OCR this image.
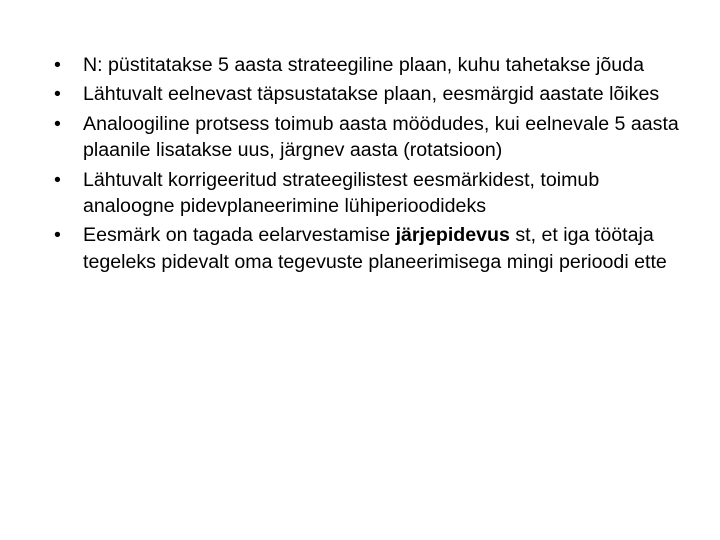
•	N: püstitatakse 5 aasta strateegiline plaan, kuhu tahetakse jõuda
•	Lähtuvalt eelnevast täpsustatakse plaan, eesmärgid aastate lõikes
•	Analoogiline protsess toimub aasta möödudes, kui eelnevale 5 aasta plaanile lisatakse uus, järgnev aasta (rotatsioon)
•	Lähtuvalt korrigeeritud strateegilistest eesmärkidest, toimub analoogne pidevplaneerimine lühiperioodideks
•	Eesmärk on tagada eelarvestamise järjepidevus st, et iga töötaja tegeleks pidevalt oma tegevuste planeerimisega mingi perioodi ette
